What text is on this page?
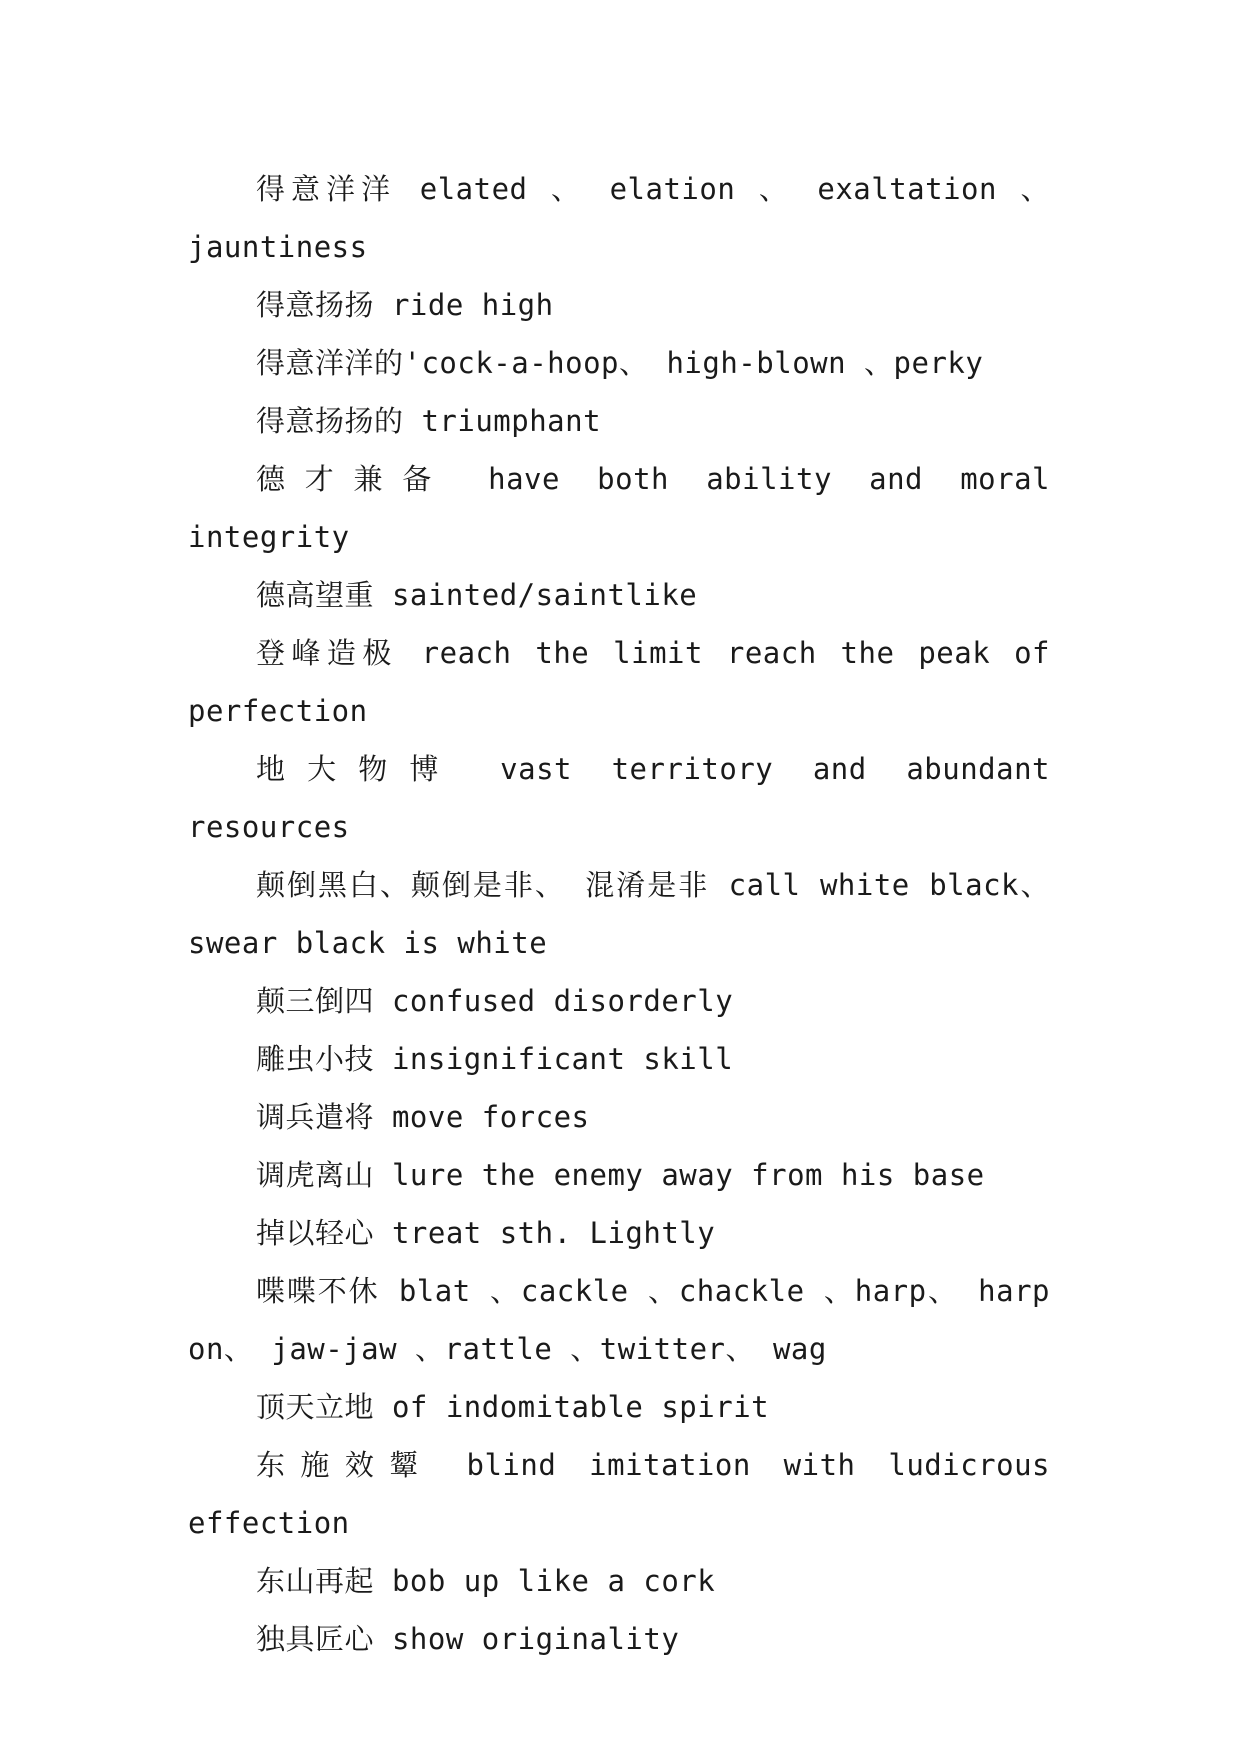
得意洋洋 elated 、 elation 、 exaltation 、 jauntiness

得意扬扬 ride high

得意洋洋的'cock-a-hoop、 high-blown 、perky

得意扬扬的 triumphant

德才兼备 have both ability and moral integrity

德高望重 sainted/saintlike

登峰造极 reach the limit reach the peak of perfection

地大物博 vast territory and abundant resources

颠倒黑白、颠倒是非、 混淆是非 call white black、 swear black is white

颠三倒四 confused disorderly

雕虫小技 insignificant skill

调兵遣将 move forces

调虎离山 lure the enemy away from his base

掉以轻心 treat sth. Lightly

喋喋不休 blat 、cackle 、chackle 、harp、 harp on、 jaw-jaw 、rattle 、twitter、 wag

顶天立地 of indomitable spirit

东施效颦 blind imitation with ludicrous effection

东山再起 bob up like a cork

独具匠心 show originality
